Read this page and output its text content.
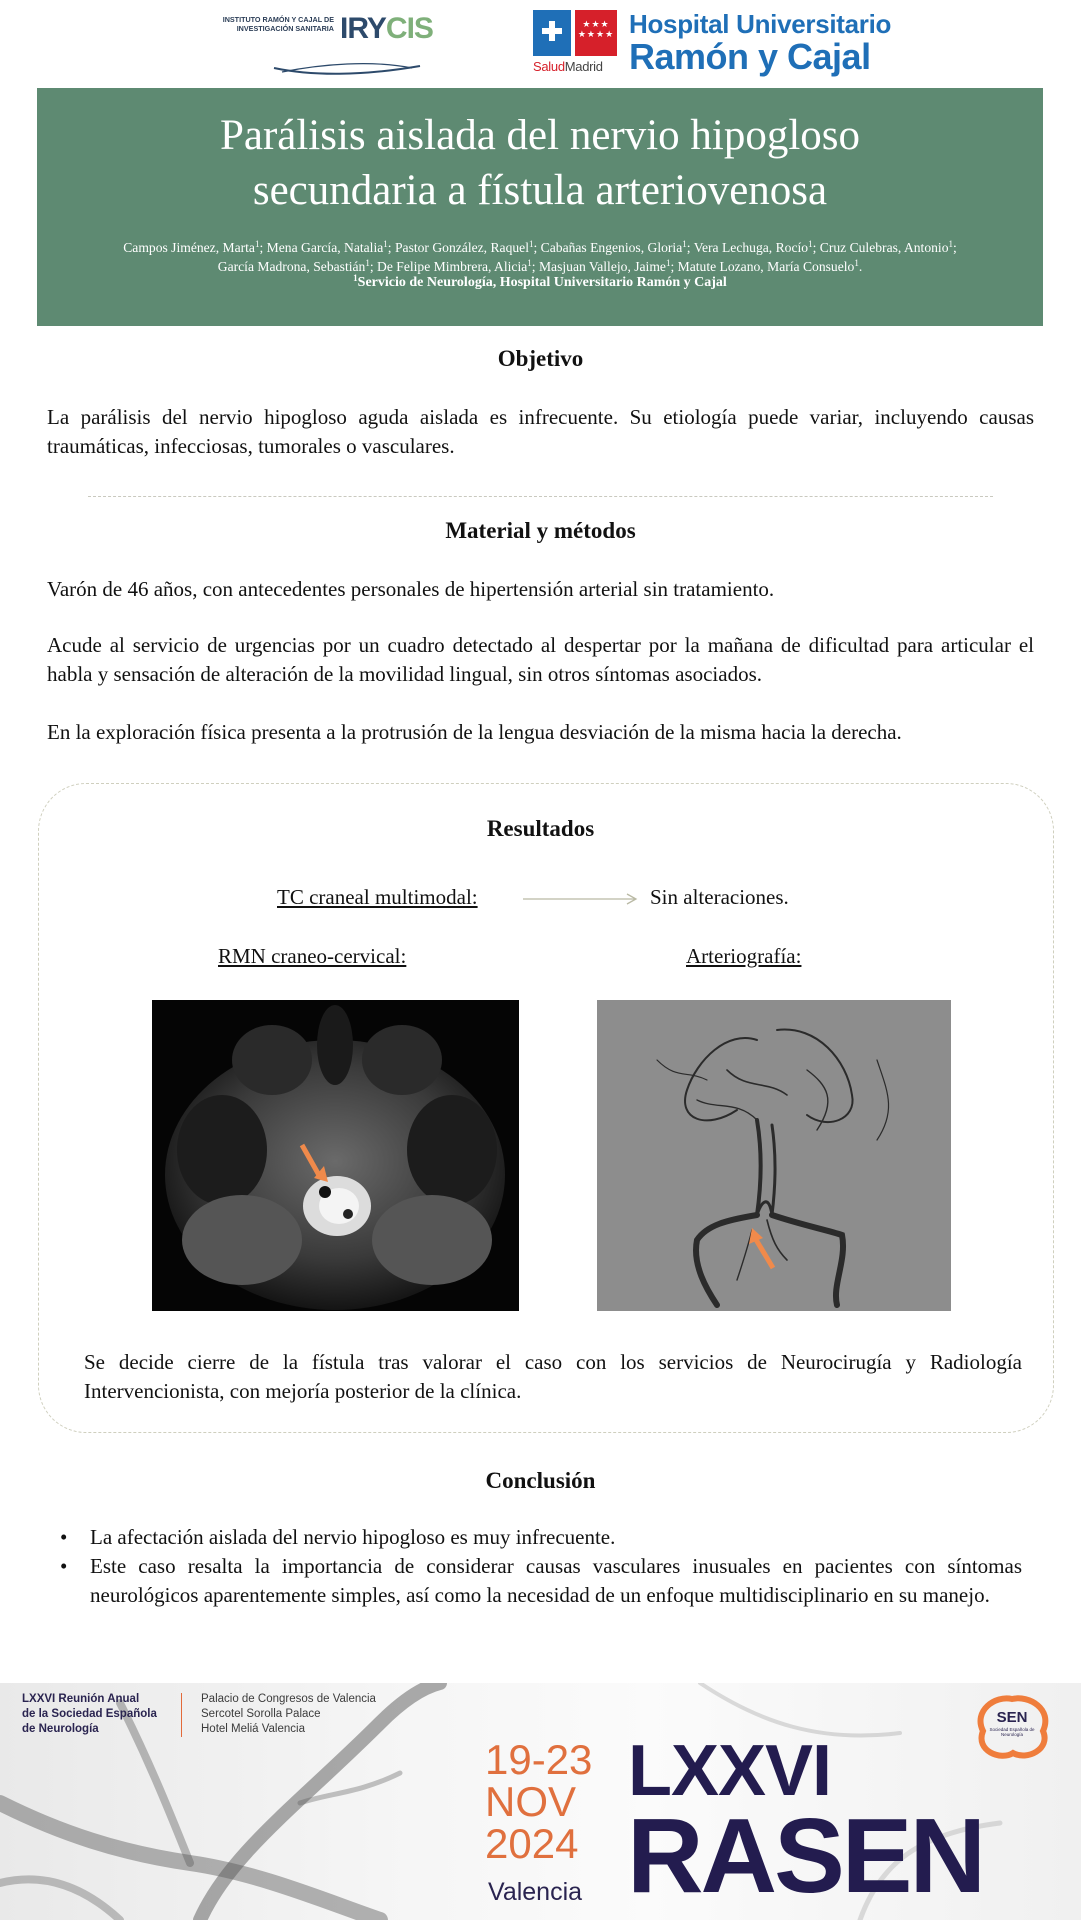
INSTITUTO RAMÓN Y CAJAL DE INVESTIGACIÓN SANITARIA IRYCIS	★★★
★★★★
SaludMadrid
Hospital Universitario
Ramón y Cajal
Parálisis aislada del nervio hipogloso
secundaria a fístula arteriovenosa
Campos Jiménez, Marta$^1$; Mena García, Natalia$^1$; Pastor González, Raquel$^1$; Cabañas Engenios, Gloria$^1$; Vera Lechuga, Rocío$^1$; Cruz Culebras, Antonio$^1$;
García Madrona, Sebastián$^1$; De Felipe Mimbrera, Alicia$^1$; Masjuan Vallejo, Jaime$^1$; Matute Lozano, María Consuelo$^1$.
$^1$Servicio de Neurología, Hospital Universitario Ramón y Cajal
Objetivo
La parálisis del nervio hipogloso aguda aislada es infrecuente. Su etiología puede variar, incluyendo causas traumáticas, infecciosas, tumorales o vasculares.
Material y métodos
Varón de 46 años, con antecedentes personales de hipertensión arterial sin tratamiento.
Acude al servicio de urgencias por un cuadro detectado al despertar por la mañana de dificultad para articular el habla y sensación de alteración de la movilidad lingual, sin otros síntomas asociados.
En la exploración física presenta a la protrusión de la lengua desviación de la misma hacia la derecha.
Resultados
TC craneal multimodal:	Sin alteraciones.
RMN craneo-cervical:	Arteriografía:
Se decide cierre de la fístula tras valorar el caso con los servicios de Neurocirugía y Radiología Intervencionista, con mejoría posterior de la clínica.
Conclusión
• La afectación aislada del nervio hipogloso es muy infrecuente.
• Este caso resalta la importancia de considerar causas vasculares inusuales en pacientes con síntomas neurológicos aparentemente simples, así como la necesidad de un enfoque multidisciplinario en su manejo.
LXXVI Reunión Anual
de la Sociedad Española
de Neurología
Palacio de Congresos de Valencia
Sercotel Sorolla Palace
Hotel Meliá Valencia
19-23
NOV
2024
Valencia
LXXVI
RASEN
SEN
Sociedad Española de Neurología
